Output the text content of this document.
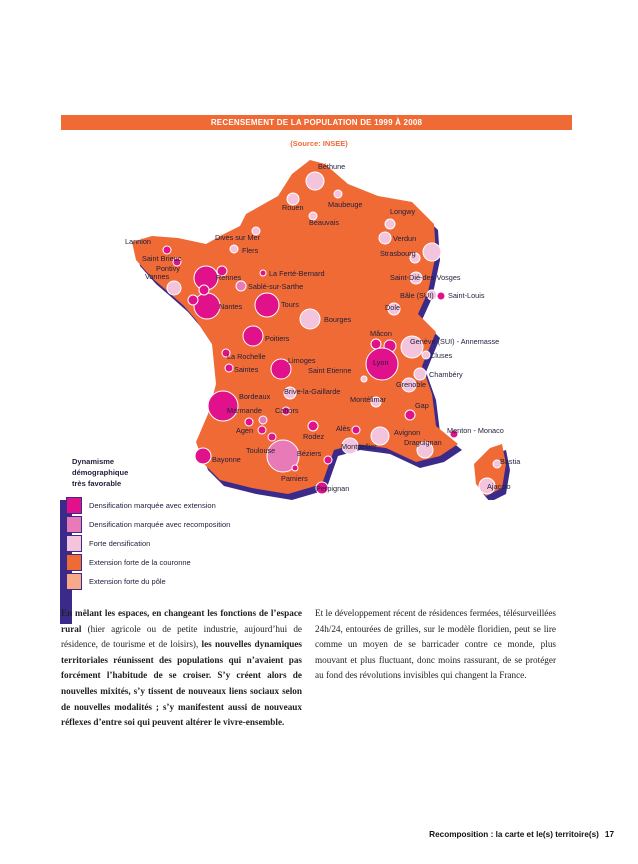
RECENSEMENT DE LA POPULATION DE 1999 À 2008
(Source: INSEE)
Béthune
Maubeuge
Rouen
Beauvais
Longwy
Lannion	Dives sur Mer	Verdun
Flers	Strasbourg
Saint Brieuc
Pontivy
Vannes	Rennes	La Ferté-Bernard	Saint-Dié-des-Vosges
Sablé-sur-Sarthe
Bâle (SUI) Saint-Louis
Nantes	Tours	Dole
Bourges
Poitiers
Mâcon
Genève (SUI) - Annemasse
La Rochelle	Cluses
Limoges	Lyon
Saintes	Saint Etienne	Chambéry
Grenoble
Brive-la-Gaillarde
Bordeaux	Montélimar
Marmande Cahors
Gap
Agen	Alès	Avignon	Menton - Monaco
Rodez
Draguignan
Toulouse
Bayonne
Montpellier
Béziers
Bastia
Pamiers
Perpignan	Ajaccio
Dynamisme
démographique
très favorable
Densification marquée avec extension
Densification marquée avec recomposition
Forte densification
Extension forte de la couronne
Extension forte du pôle
En mêlant les espaces, en changeant les fonctions de l’espace rural (hier agricole ou de petite industrie, aujourd’hui de résidence, de tourisme et de loisirs), les nouvelles dynamiques territoriales réunissent des populations qui n’avaient pas forcément l’habitude de se croiser. S’y créent alors de nouvelles mixités, s’y tissent de nouveaux liens sociaux selon de nouvelles modalités ; s’y manifestent aussi de nouveaux réflexes d’entre soi qui peuvent altérer le vivre-ensemble.
Et le développement récent de résidences fermées, télésurveillées 24h/24, entourées de grilles, sur le modèle floridien, peut se lire comme un moyen de se barricader contre ce monde, plus mouvant et plus fluctuant, donc moins rassurant, de se protéger au fond des révolutions invisibles qui changent la France.
Recomposition : la carte et le(s) territoire(s) 17
